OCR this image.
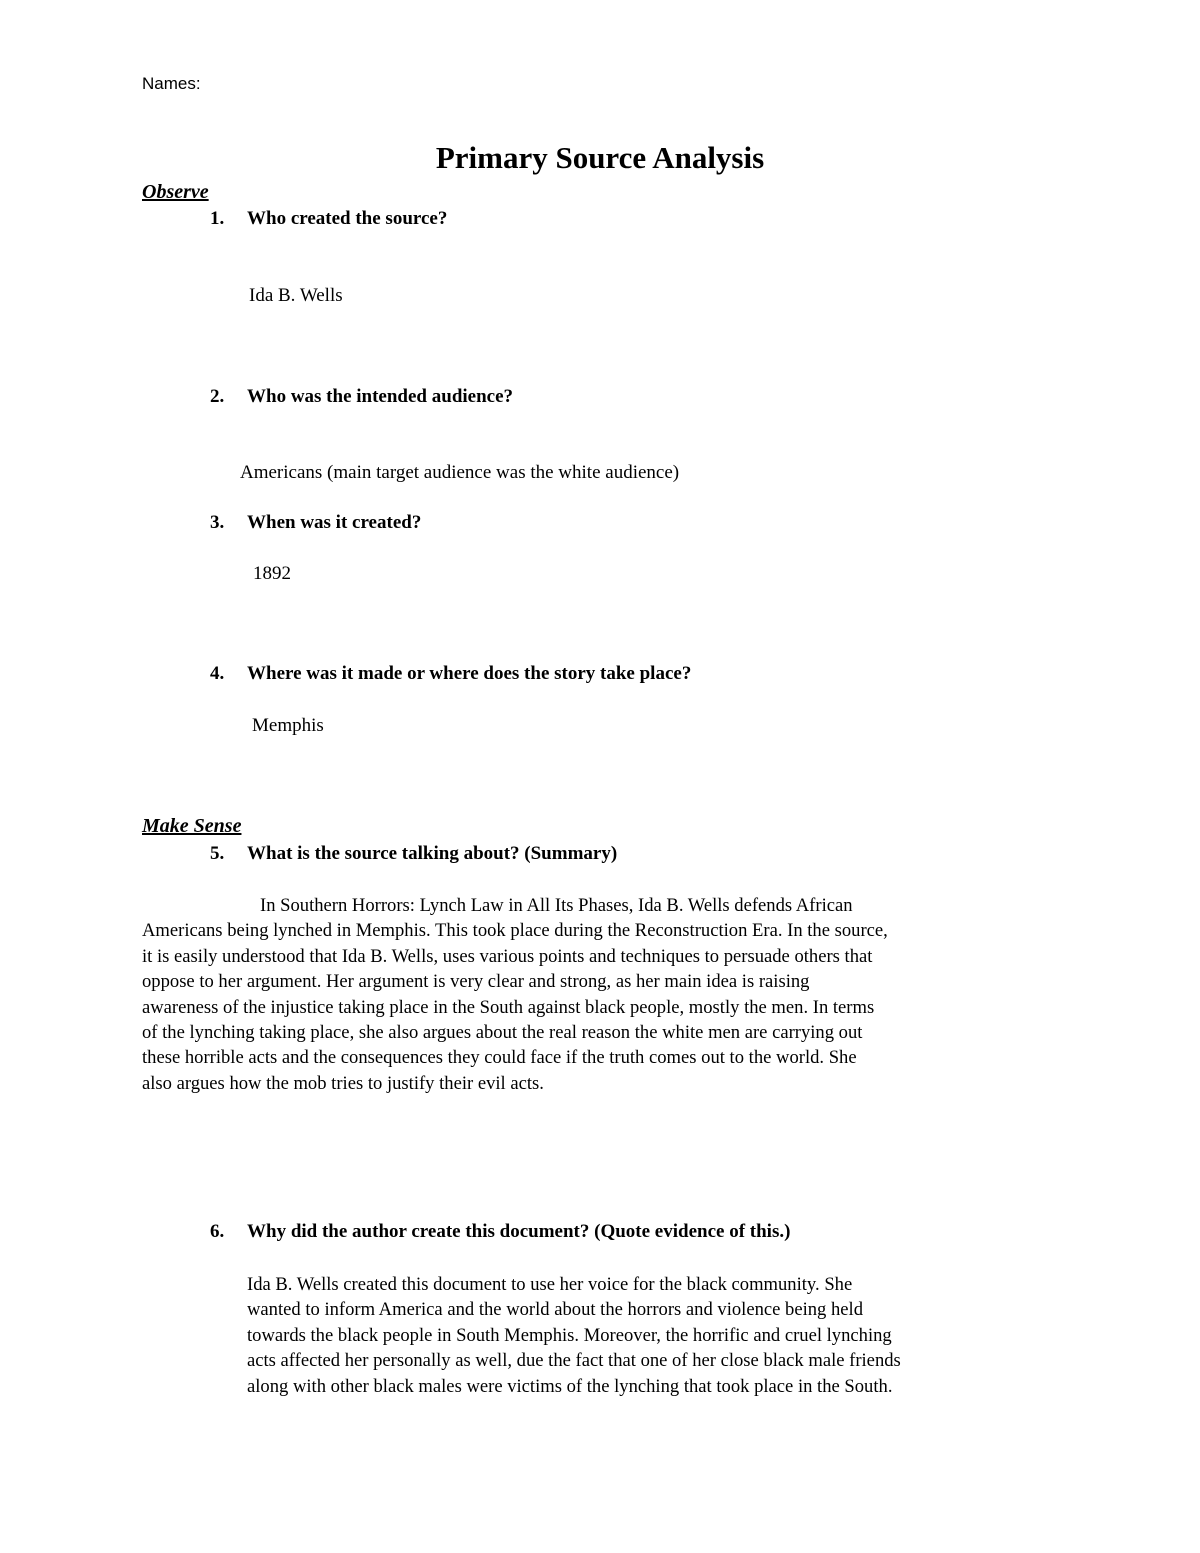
Names:
Primary Source Analysis
Observe
1. Who created the source?
Ida B. Wells
2. Who was the intended audience?
Americans (main target audience was the white audience)
3. When was it created?
1892
4. Where was it made or where does the story take place?
Memphis
Make Sense
5. What is the source talking about? (Summary)
In Southern Horrors: Lynch Law in All Its Phases, Ida B. Wells defends African
Americans being lynched in Memphis. This took place during the Reconstruction Era. In the source,
it is easily understood that Ida B. Wells, uses various points and techniques to persuade others that
oppose to her argument. Her argument is very clear and strong, as her main idea is raising
awareness of the injustice taking place in the South against black people, mostly the men. In terms
of the lynching taking place, she also argues about the real reason the white men are carrying out
these horrible acts and the consequences they could face if the truth comes out to the world. She
also argues how the mob tries to justify their evil acts.
6. Why did the author create this document? (Quote evidence of this.)
Ida B. Wells created this document to use her voice for the black community. She
wanted to inform America and the world about the horrors and violence being held
towards the black people in South Memphis. Moreover, the horrific and cruel lynching
acts affected her personally as well, due the fact that one of her close black male friends
along with other black males were victims of the lynching that took place in the South.
